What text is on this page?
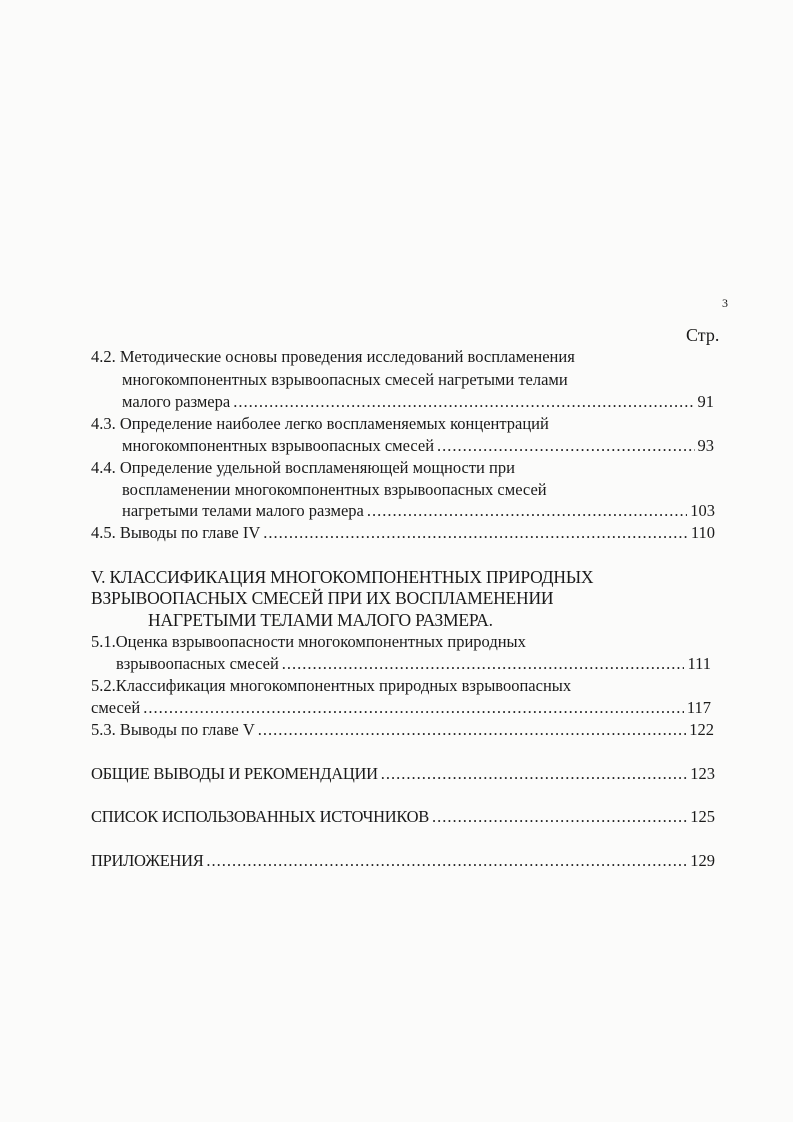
3
Стр.
4.2. Методические основы проведения исследований воспламенения
многокомпонентных взрывоопасных смесей нагретыми телами
малого размера .....	91
4.3. Определение наиболее легко воспламеняемых концентраций
многокомпонентных взрывоопасных смесей .....	93
4.4. Определение удельной воспламеняющей мощности при
воспламенении многокомпонентных взрывоопасных смесей
нагретыми телами малого размера .....	103
4.5. Выводы по главе IV .....	110
V. КЛАССИФИКАЦИЯ МНОГОКОМПОНЕНТНЫХ ПРИРОДНЫХ
ВЗРЫВООПАСНЫХ СМЕСЕЙ ПРИ ИХ ВОСПЛАМЕНЕНИИ
НАГРЕТЫМИ ТЕЛАМИ МАЛОГО РАЗМЕРА.
5.1.Оценка взрывоопасности многокомпонентных природных
взрывоопасных смесей .....	111
5.2.Классификация многокомпонентных природных взрывоопасных
смесей .....	117
5.3. Выводы по главе V .....	122
ОБЩИЕ ВЫВОДЫ И РЕКОМЕНДАЦИИ .....	123
СПИСОК ИСПОЛЬЗОВАННЫХ ИСТОЧНИКОВ .....	125
ПРИЛОЖЕНИЯ .....	129
